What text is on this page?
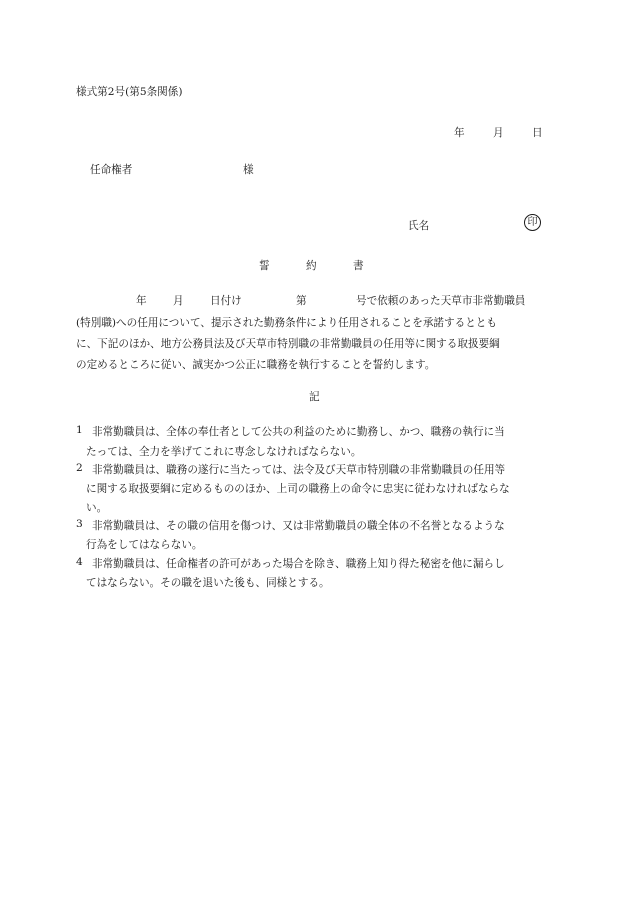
様式第2号(第5条関係)
年	月	日
任命権者	様
氏名	印
誓	約	書
年 月 日付け	第	号で依頼のあった天草市非常勤職員
(特別職)への任用について、提示された勤務条件により任用されることを承諾するととも
に、下記のほか、地方公務員法及び天草市特別職の非常勤職員の任用等に関する取扱要綱
の定めるところに従い、誠実かつ公正に職務を執行することを誓約します。
記
1 非常勤職員は、全体の奉仕者として公共の利益のために勤務し、かつ、職務の執行に当
たっては、全力を挙げてこれに専念しなければならない。
2 非常勤職員は、職務の遂行に当たっては、法令及び天草市特別職の非常勤職員の任用等
に関する取扱要綱に定めるもののほか、上司の職務上の命令に忠実に従わなければならな
い。
3 非常勤職員は、その職の信用を傷つけ、又は非常勤職員の職全体の不名誉となるような
行為をしてはならない。
4 非常勤職員は、任命権者の許可があった場合を除き、職務上知り得た秘密を他に漏らし
てはならない。その職を退いた後も、同様とする。
